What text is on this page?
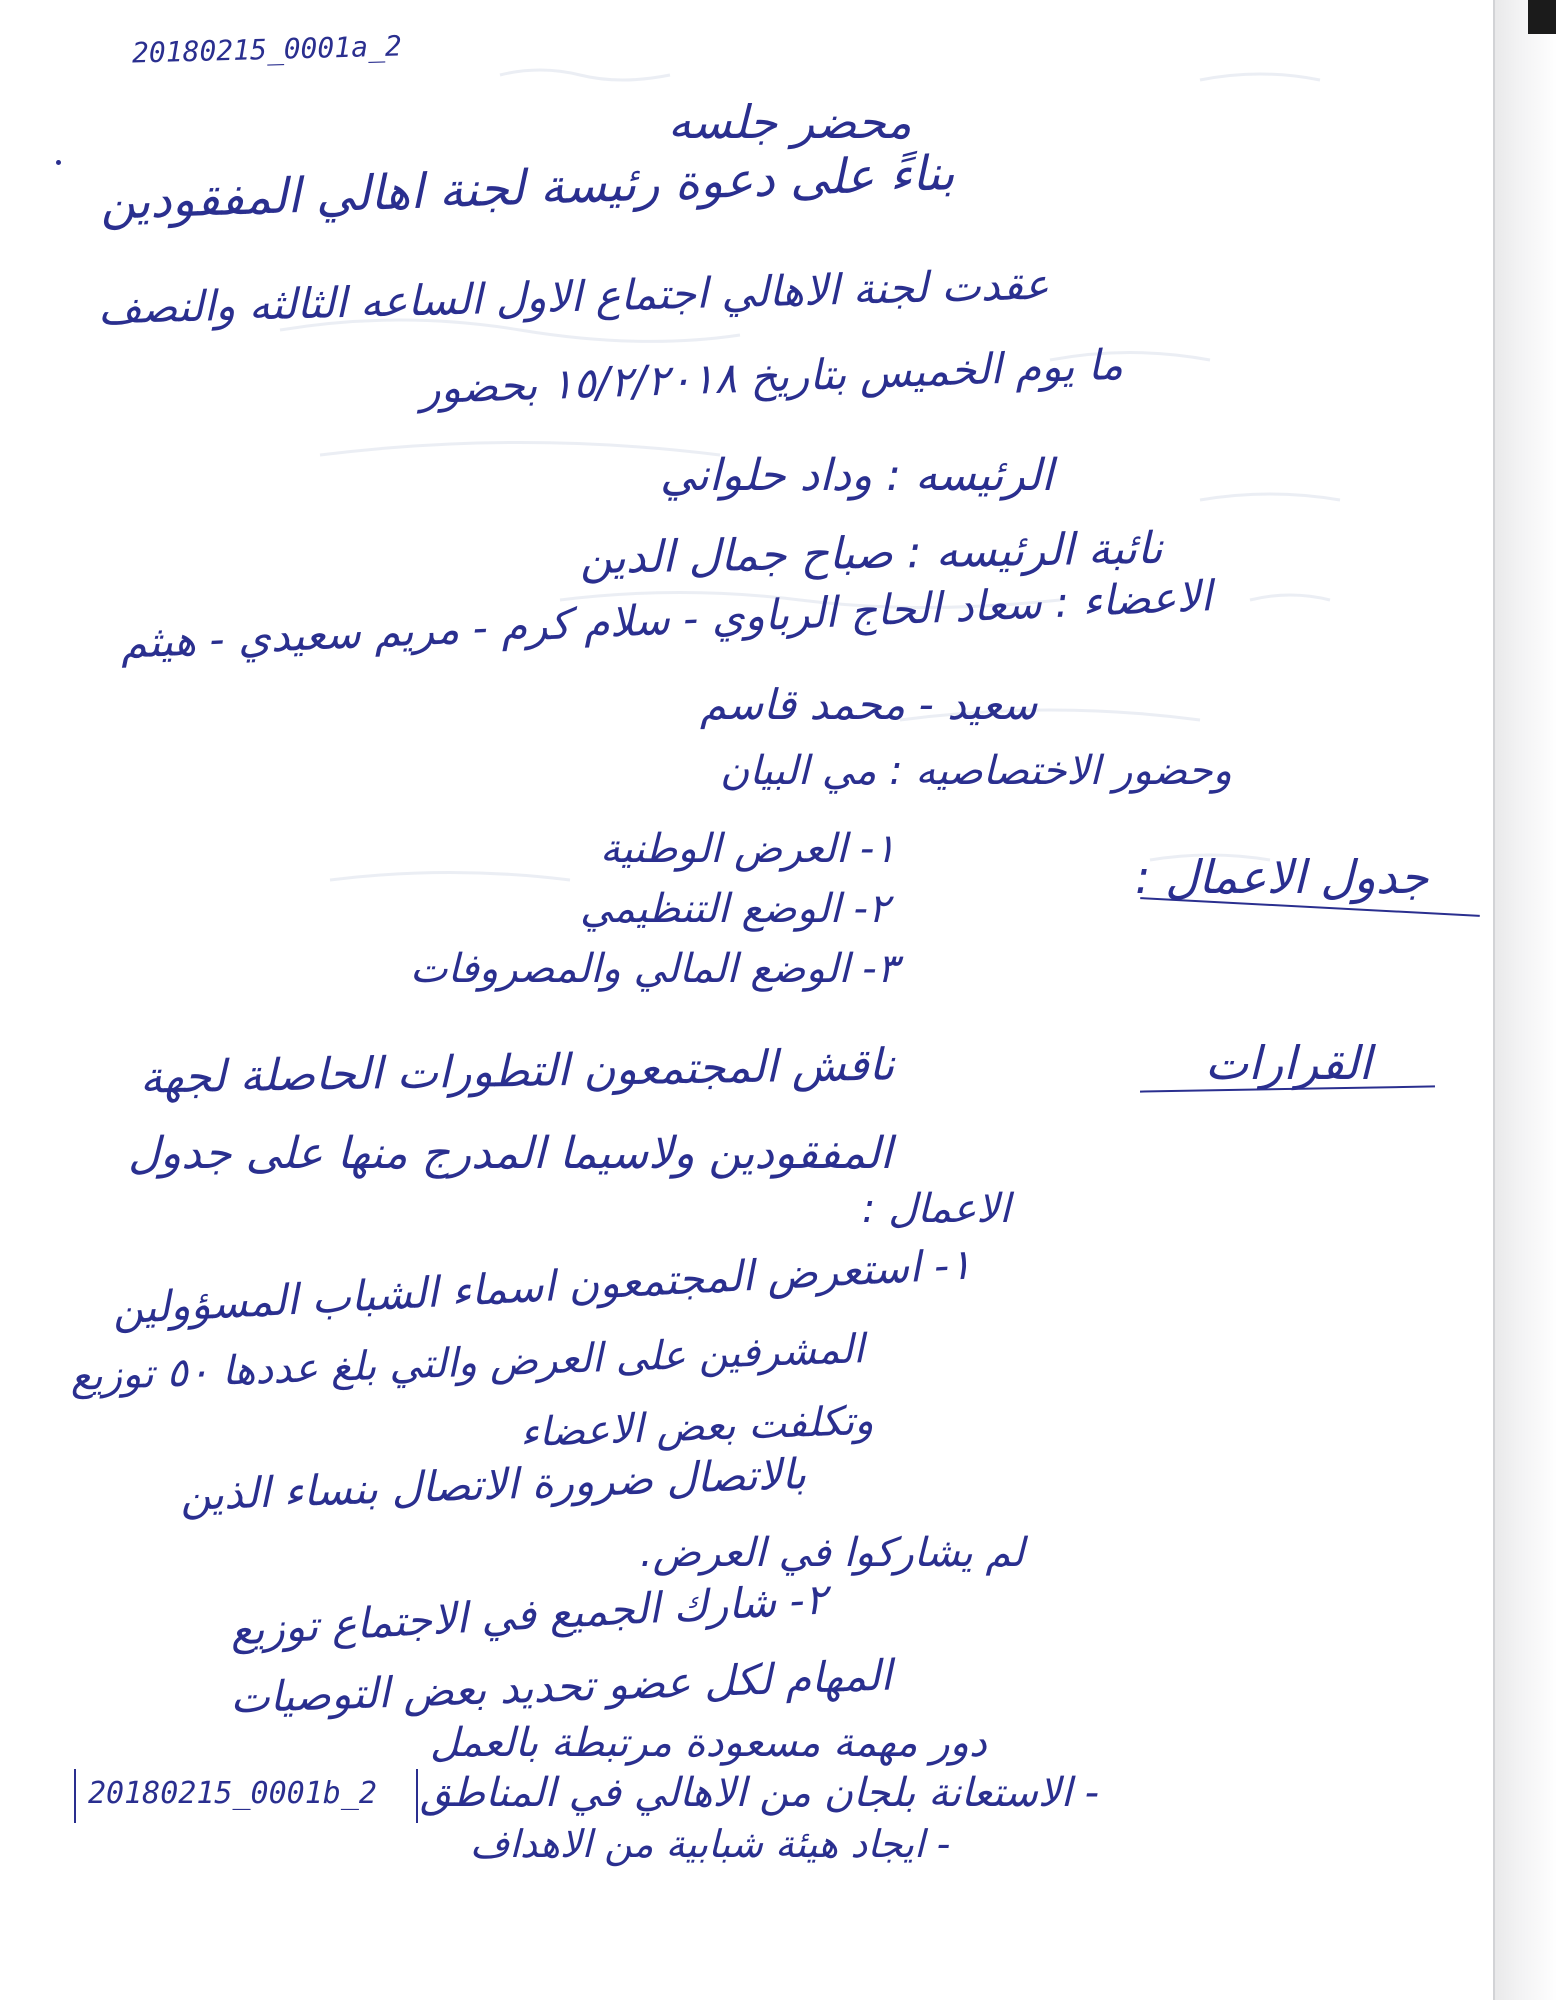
20180215_0001a_2
محضر جلسه
بناءً على دعوة رئيسة لجنة اهالي المفقودين
عقدت لجنة الاهالي اجتماع الاول الساعه الثالثه والنصف
ما يوم الخميس بتاريخ ١٥/٢/٢٠١٨ بحضور
الرئيسه : وداد حلواني
نائبة الرئيسه : صباح جمال الدين
الاعضاء : سعاد الحاج الرباوي - سلام كرم - مريم سعيدي - هيثم
سعيد - محمد قاسم
وحضور الاختصاصيه : مي البيان
جدول الاعمال :
١- العرض الوطنية
٢- الوضع التنظيمي
٣- الوضع المالي والمصروفات
القرارات
ناقش المجتمعون التطورات الحاصلة لجهة
المفقودين ولاسيما المدرج منها على جدول
الاعمال :
١- استعرض المجتمعون اسماء الشباب المسؤولين
المشرفين على العرض والتي بلغ عددها ٥٠ توزيع
وتكلفت بعض الاعضاء
بالاتصال ضرورة الاتصال بنساء الذين
لم يشاركوا في العرض.
٢- شارك الجميع في الاجتماع توزيع
المهام لكل عضو تحديد بعض التوصيات
دور مهمة مسعودة مرتبطة بالعمل
- الاستعانة بلجان من الاهالي في المناطق
- ايجاد هيئة شبابية من الاهداف
20180215_0001b_2
